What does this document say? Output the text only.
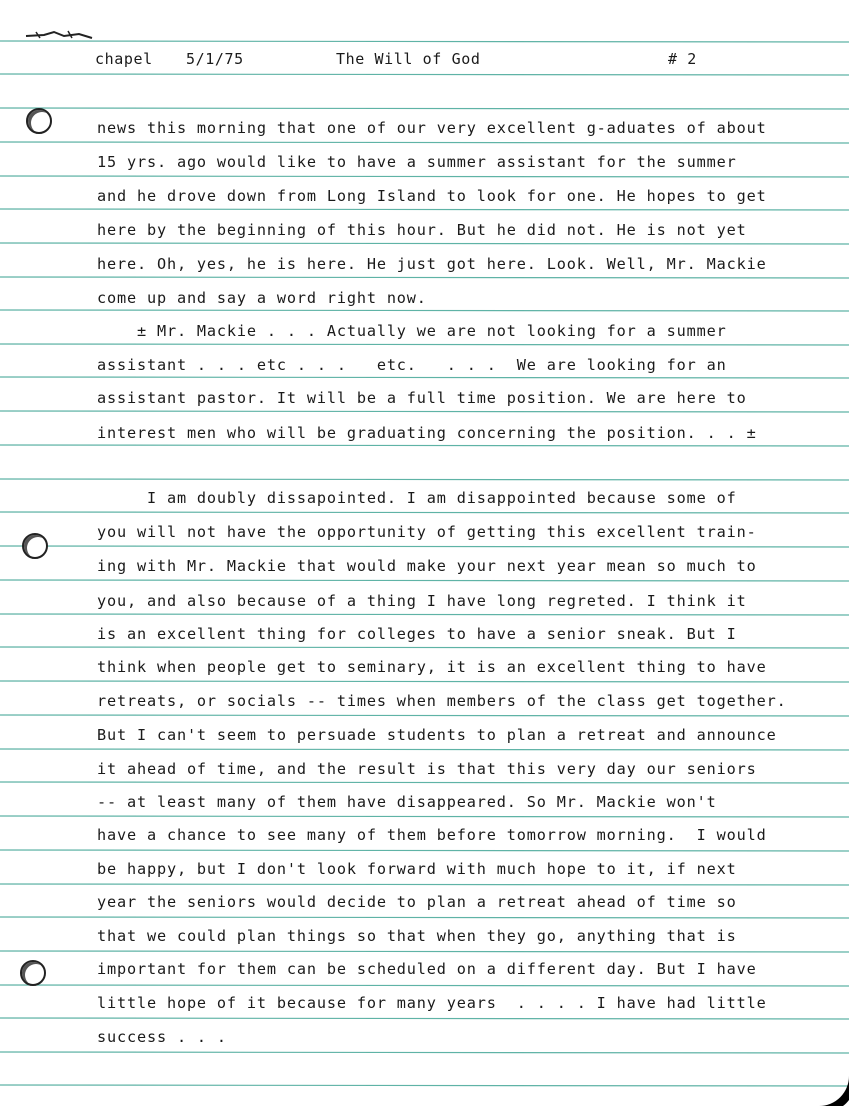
chapel 5/1/75	The Will of God	# 2
news this morning that one of our very excellent g-aduates of about
15 yrs. ago would like to have a summer assistant for the summer
and he drove down from Long Island to look for one. He hopes to get
here by the beginning of this hour. But he did not. He is not yet
here. Oh, yes, he is here. He just got here. Look. Well, Mr. Mackie
come up and say a word right now.
± Mr. Mackie . . . Actually we are not looking for a summer
assistant . . . etc . . .   etc.   . . .  We are looking for an
assistant pastor. It will be a full time position. We are here to
interest men who will be graduating concerning the position. . . ±
I am doubly dissapointed. I am disappointed because some of
you will not have the opportunity of getting this excellent train-
ing with Mr. Mackie that would make your next year mean so much to
you, and also because of a thing I have long regreted. I think it
is an excellent thing for colleges to have a senior sneak. But I
think when people get to seminary, it is an excellent thing to have
retreats, or socials -- times when members of the class get together.
But I can't seem to persuade students to plan a retreat and announce
it ahead of time, and the result is that this very day our seniors
-- at least many of them have disappeared. So Mr. Mackie won't
have a chance to see many of them before tomorrow morning.  I would
be happy, but I don't look forward with much hope to it, if next
year the seniors would decide to plan a retreat ahead of time so
that we could plan things so that when they go, anything that is
important for them can be scheduled on a different day. But I have
little hope of it because for many years  . . . . I have had little
success . . .
